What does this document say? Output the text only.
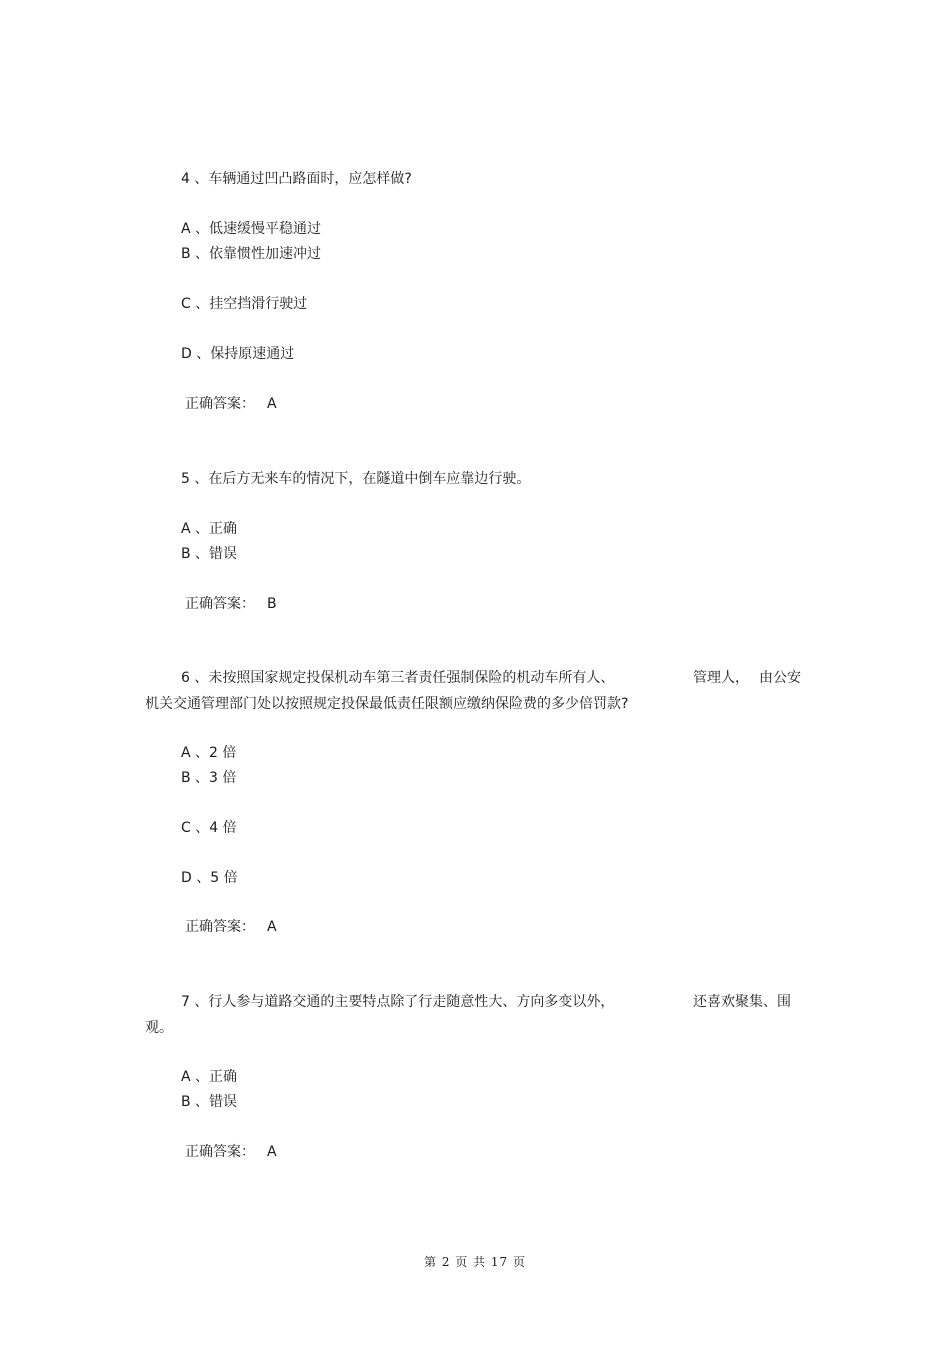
4 、车辆通过凹凸路面时，应怎样做?
A 、低速缓慢平稳通过
B 、依靠惯性加速冲过
C 、挂空挡滑行驶过
D 、保持原速通过
正确答案： A
5 、在后方无来车的情况下，在隧道中倒车应靠边行驶。
A 、正确
B 、错误
正确答案： B
6 、未按照国家规定投保机动车第三者责任强制保险的机动车所有人、	管理人， 由公安
机关交通管理部门处以按照规定投保最低责任限额应缴纳保险费的多少倍罚款?
A 、2 倍
B 、3 倍
C 、4 倍
D 、5 倍
正确答案： A
7 、行人参与道路交通的主要特点除了行走随意性大、方向多变以外，	还喜欢聚集、围
观。
A 、正确
B 、错误
正确答案： A
第 2 页 共 17 页
